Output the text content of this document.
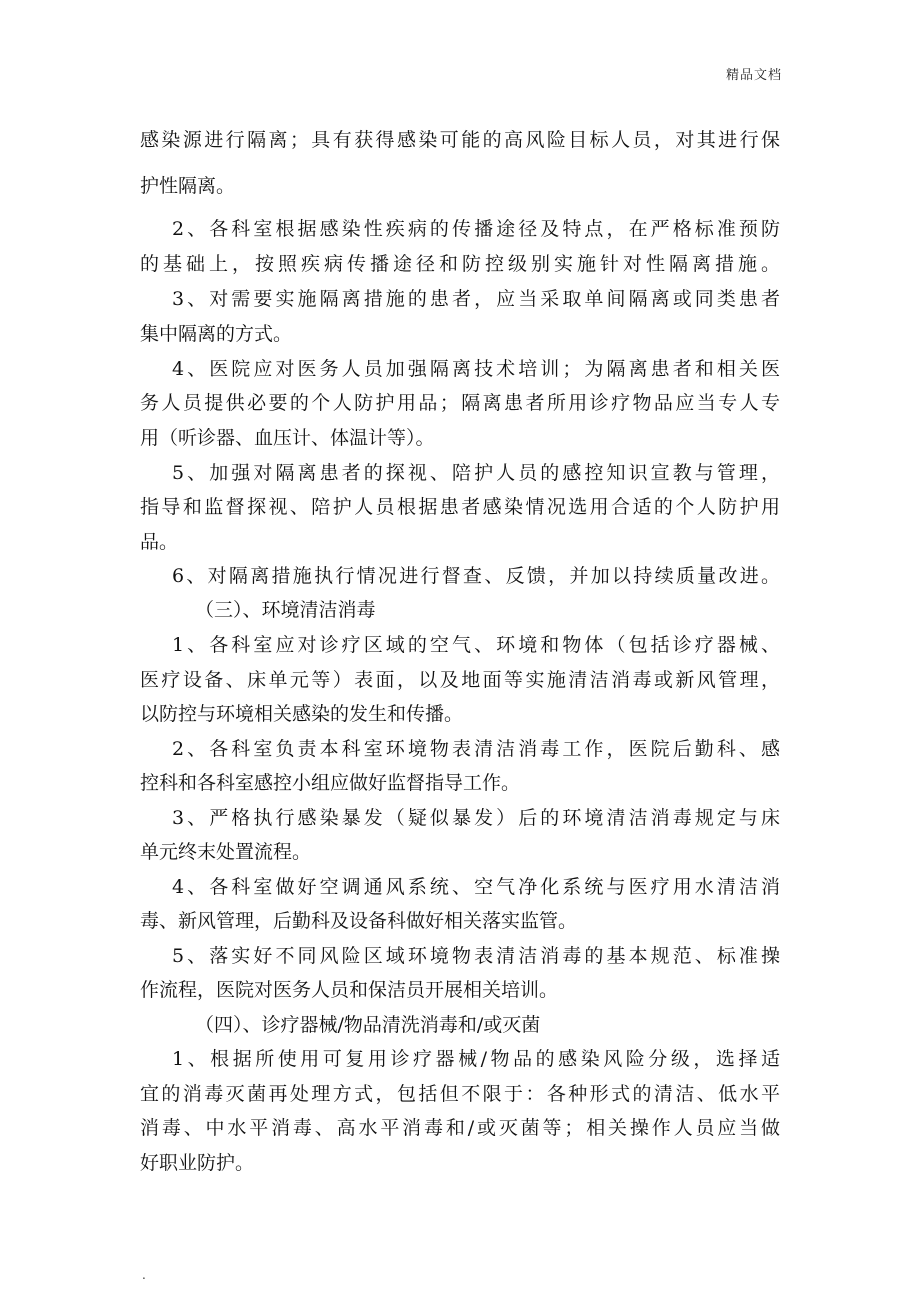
精品文档
感染源进行隔离；具有获得感染可能的高风险目标人员，对其进行保
护性隔离。
2、各科室根据感染性疾病的传播途径及特点，在严格标准预防
的基础上，按照疾病传播途径和防控级别实施针对性隔离措施。
3、对需要实施隔离措施的患者，应当采取单间隔离或同类患者
集中隔离的方式。
4、医院应对医务人员加强隔离技术培训；为隔离患者和相关医
务人员提供必要的个人防护用品；隔离患者所用诊疗物品应当专人专
用（听诊器、血压计、体温计等）。
5、加强对隔离患者的探视、陪护人员的感控知识宣教与管理，
指导和监督探视、陪护人员根据患者感染情况选用合适的个人防护用
品。
6、对隔离措施执行情况进行督查、反馈，并加以持续质量改进。
（三）、环境清洁消毒
1、各科室应对诊疗区域的空气、环境和物体（包括诊疗器械、
医疗设备、床单元等）表面，以及地面等实施清洁消毒或新风管理，
以防控与环境相关感染的发生和传播。
2、各科室负责本科室环境物表清洁消毒工作，医院后勤科、感
控科和各科室感控小组应做好监督指导工作。
3、严格执行感染暴发（疑似暴发）后的环境清洁消毒规定与床
单元终末处置流程。
4、各科室做好空调通风系统、空气净化系统与医疗用水清洁消
毒、新风管理，后勤科及设备科做好相关落实监管。
5、落实好不同风险区域环境物表清洁消毒的基本规范、标准操
作流程，医院对医务人员和保洁员开展相关培训。
（四）、诊疗器械/物品清洗消毒和/或灭菌
1、根据所使用可复用诊疗器械/物品的感染风险分级，选择适
宜的消毒灭菌再处理方式，包括但不限于：各种形式的清洁、低水平
消毒、中水平消毒、高水平消毒和/或灭菌等；相关操作人员应当做
好职业防护。
.
